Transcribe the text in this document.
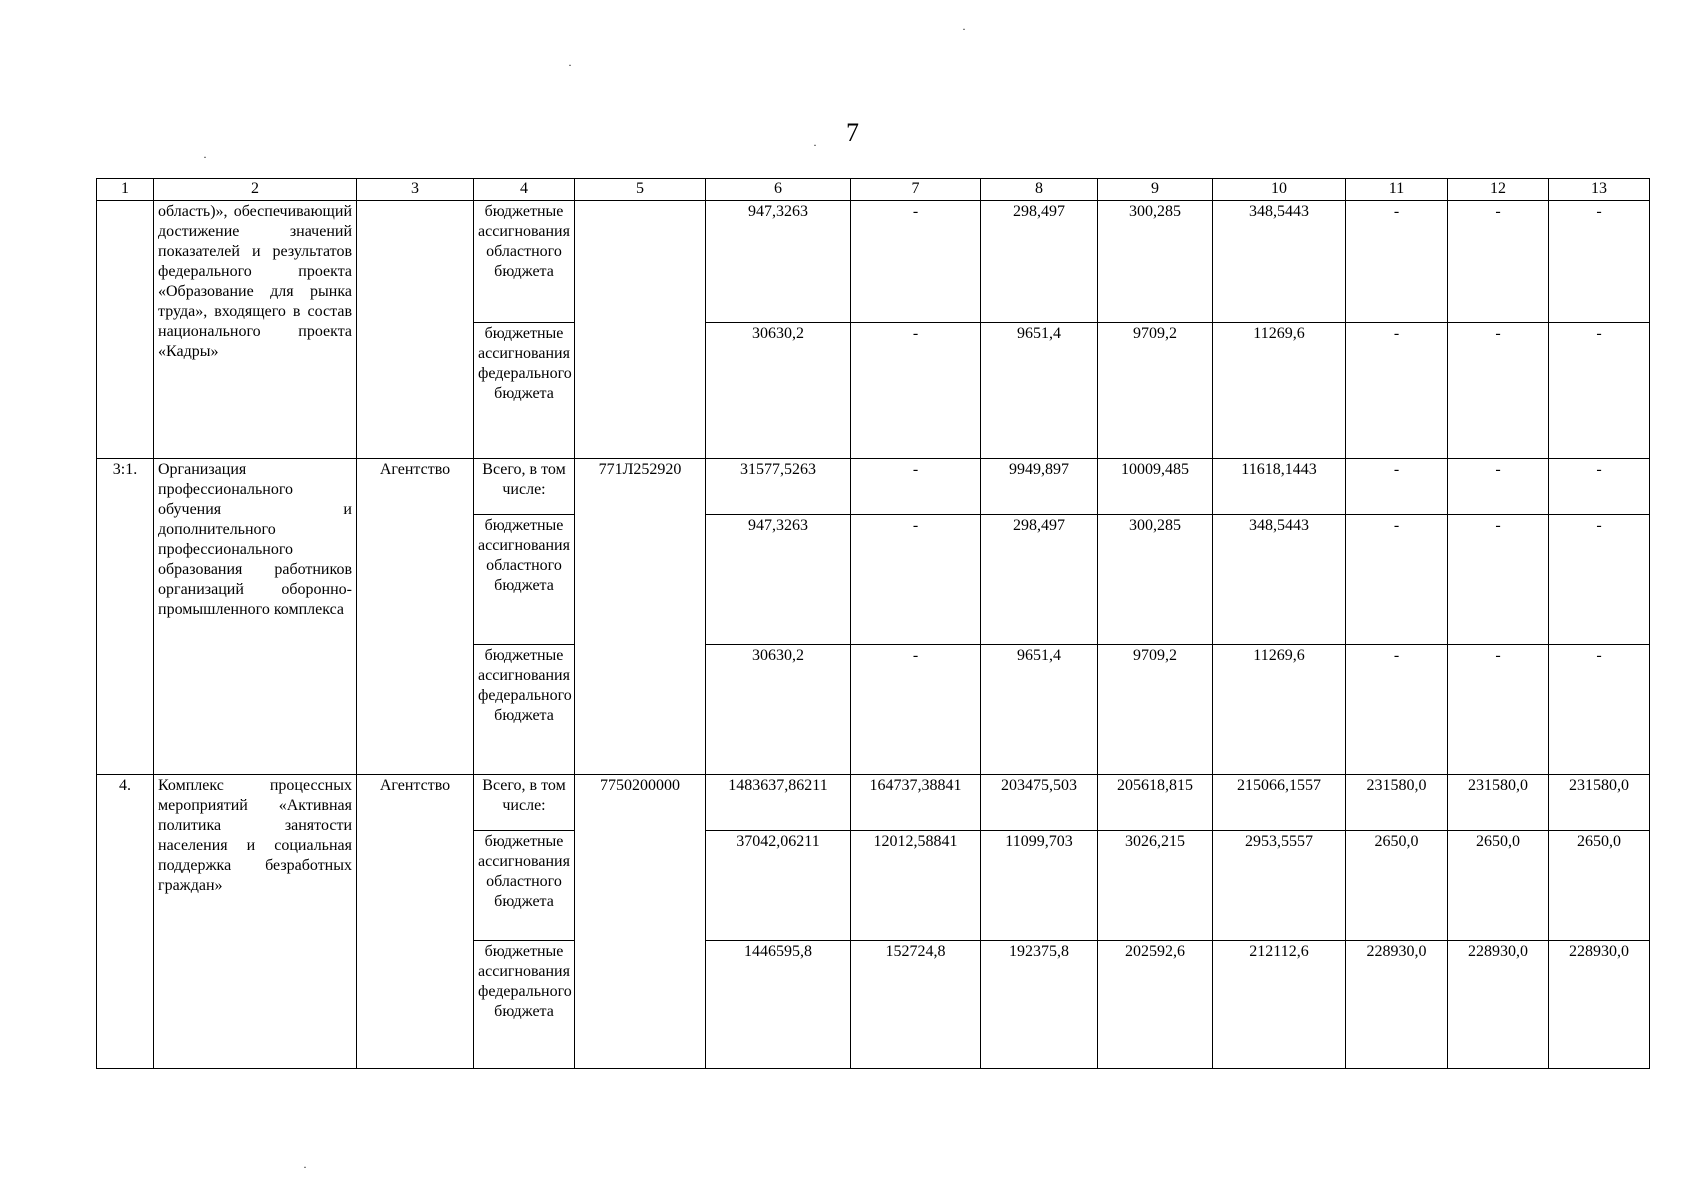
7
·
·
·
·
·
1	2	3	4	5	6	7	8	9	10	11	12	13
	область)», обеспечивающий достижение значений показателей и результатов федерального проекта «Образование для рынка труда», входящего в состав национального проекта «Кадры»		бюджетные ассигнования областного бюджета		947,3263	-	298,497	300,285	348,5443	-	-	-
			бюджетные ассигнования федерального бюджета		30630,2	-	9651,4	9709,2	11269,6	-	-	-
3:1.	Организация профессионального обучения и дополнительного профессионального образования работников организаций оборонно-промышленного комплекса	Агентство	Всего, в том числе:	771Л252920	31577,5263	-	9949,897	10009,485	11618,1443	-	-	-
			бюджетные ассигнования областного бюджета		947,3263	-	298,497	300,285	348,5443	-	-	-
			бюджетные ассигнования федерального бюджета		30630,2	-	9651,4	9709,2	11269,6	-	-	-
4.	Комплекс процессных мероприятий «Активная политика занятости населения и социальная поддержка безработных граждан»	Агентство	Всего, в том числе:	7750200000	1483637,86211	164737,38841	203475,503	205618,815	215066,1557	231580,0	231580,0	231580,0
			бюджетные ассигнования областного бюджета		37042,06211	12012,58841	11099,703	3026,215	2953,5557	2650,0	2650,0	2650,0
			бюджетные ассигнования федерального бюджета		1446595,8	152724,8	192375,8	202592,6	212112,6	228930,0	228930,0	228930,0
